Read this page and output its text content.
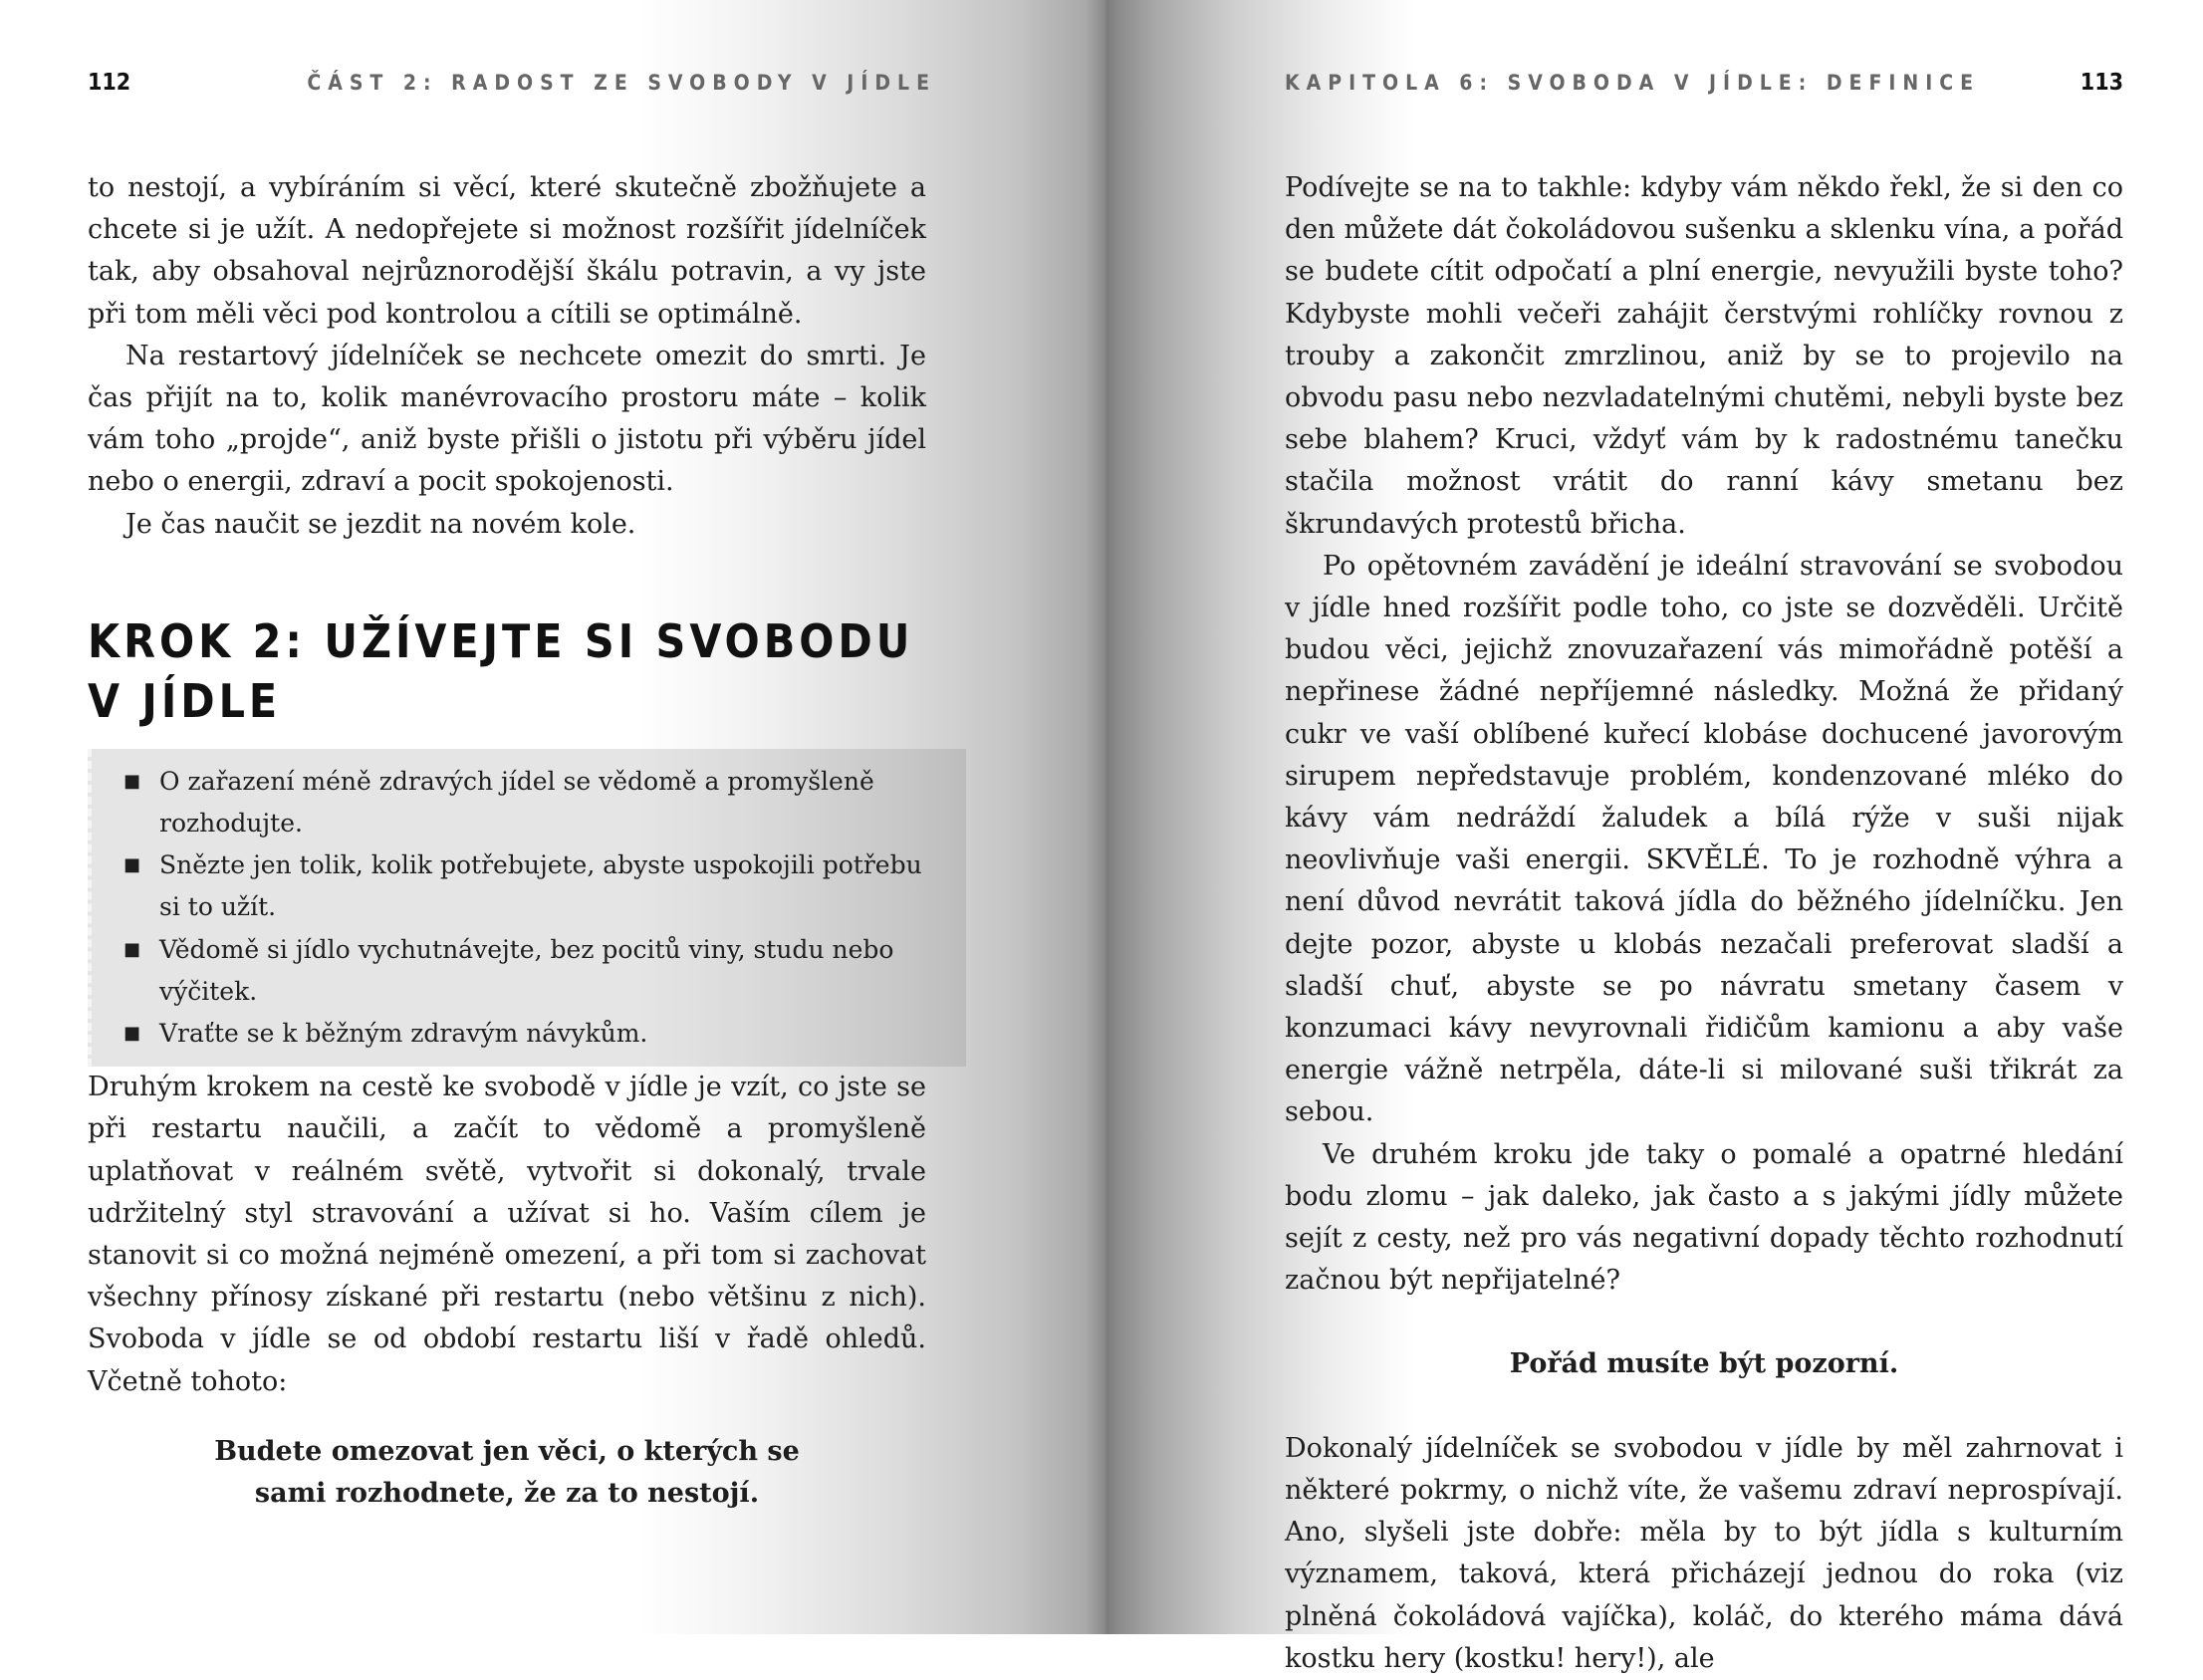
112	ČÁST 2: RADOST ZE SVOBODY V JÍDLE

to nestojí, a vybíráním si věcí, které skutečně zbožňujete a chcete si je užít. A nedopřejete si možnost rozšířit jídelníček tak, aby obsahoval nejrůznorodější škálu potravin, a vy jste při tom měli věci pod kontrolou a cítili se optimálně.

Na restartový jídelníček se nechcete omezit do smrti. Je čas přijít na to, kolik manévrovacího prostoru máte – kolik vám toho „projde“, aniž byste přišli o jistotu při výběru jídel nebo o energii, zdraví a pocit spokojenosti.

Je čas naučit se jezdit na novém kole.

KROK 2: UŽÍVEJTE SI SVOBODU V JÍDLE
■ O zařazení méně zdravých jídel se vědomě a promyšleně rozhodujte.
■ Snězte jen tolik, kolik potřebujete, abyste uspokojili potřebu si to užít.
■ Vědomě si jídlo vychutnávejte, bez pocitů viny, studu nebo výčitek.
■ Vraťte se k běžným zdravým návykům.

Druhým krokem na cestě ke svobodě v jídle je vzít, co jste se při restartu naučili, a začít to vědomě a promyšleně uplatňovat v reálném světě, vytvořit si dokonalý, trvale udržitelný styl stravování a užívat si ho. Vaším cílem je stanovit si co možná nejméně omezení, a při tom si zachovat všechny přínosy získané při restartu (nebo většinu z nich). Svoboda v jídle se od období restartu liší v řadě ohledů. Včetně tohoto:

Budete omezovat jen věci, o kterých se
sami rozhodnete, že za to nestojí.
KAPITOLA 6: SVOBODA V JÍDLE: DEFINICE	113

Podívejte se na to takhle: kdyby vám někdo řekl, že si den co den můžete dát čokoládovou sušenku a sklenku vína, a pořád se budete cítit odpočatí a plní energie, nevyužili byste toho? Kdybyste mohli večeři zahájit čerstvými rohlíčky rovnou z trouby a zakončit zmrzlinou, aniž by se to projevilo na obvodu pasu nebo nezvladatelnými chutěmi, nebyli byste bez sebe blahem? Kruci, vždyť vám by k radostnému tanečku stačila možnost vrátit do ranní kávy smetanu bez škrundavých protestů břicha.

Po opětovném zavádění je ideální stravování se svobodou v jídle hned rozšířit podle toho, co jste se dozvěděli. Určitě budou věci, jejichž znovuzařazení vás mimořádně potěší a nepřinese žádné nepříjemné následky. Možná že přidaný cukr ve vaší oblíbené kuřecí klobáse dochucené javorovým sirupem nepředstavuje problém, kondenzované mléko do kávy vám nedráždí žaludek a bílá rýže v suši nijak neovlivňuje vaši energii. SKVĚLÉ. To je rozhodně výhra a není důvod nevrátit taková jídla do běžného jídelníčku. Jen dejte pozor, abyste u klobás nezačali preferovat sladší a sladší chuť, abyste se po návratu smetany časem v konzumaci kávy nevyrovnali řidičům kamionu a aby vaše energie vážně netrpěla, dáte-li si milované suši třikrát za sebou.

Ve druhém kroku jde taky o pomalé a opatrné hledání bodu zlomu – jak daleko, jak často a s jakými jídly můžete sejít z cesty, než pro vás negativní dopady těchto rozhodnutí začnou být nepřijatelné?

Pořád musíte být pozorní.

Dokonalý jídelníček se svobodou v jídle by měl zahrnovat i některé pokrmy, o nichž víte, že vašemu zdraví neprospívají. Ano, slyšeli jste dobře: měla by to být jídla s kulturním významem, taková, která přicházejí jednou do roka (viz plněná čokoládová vajíčka), koláč, do kterého máma dává kostku hery (kostku! hery!), ale
